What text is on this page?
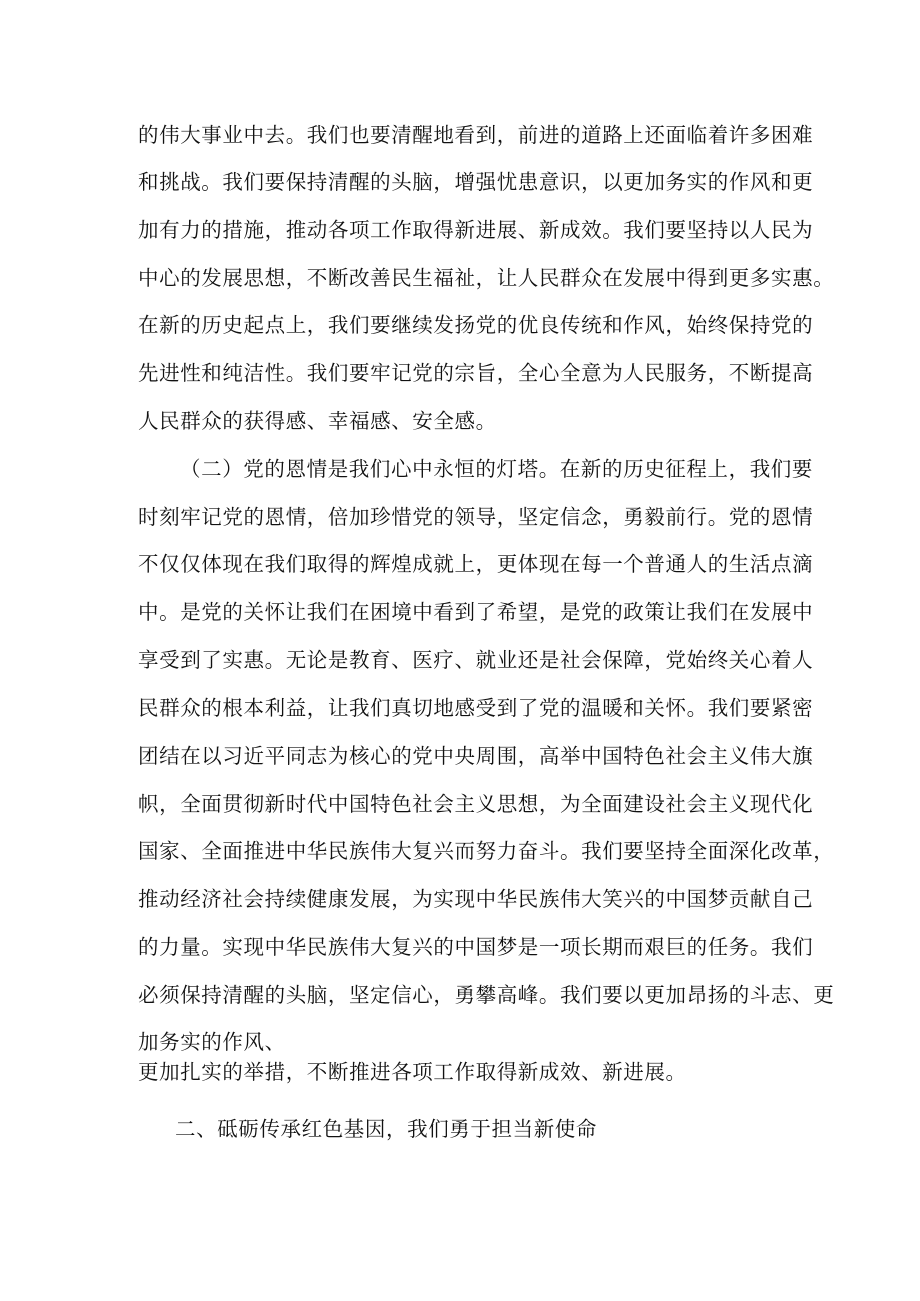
的伟大事业中去。我们也要清醒地看到，前进的道路上还面临着许多困难
和挑战。我们要保持清醒的头脑，增强忧患意识，以更加务实的作风和更
加有力的措施，推动各项工作取得新进展、新成效。我们要坚持以人民为
中心的发展思想，不断改善民生福祉，让人民群众在发展中得到更多实惠。
在新的历史起点上，我们要继续发扬党的优良传统和作风，始终保持党的
先进性和纯洁性。我们要牢记党的宗旨，全心全意为人民服务，不断提高
人民群众的获得感、幸福感、安全感。
（二）党的恩情是我们心中永恒的灯塔。在新的历史征程上，我们要
时刻牢记党的恩情，倍加珍惜党的领导，坚定信念，勇毅前行。党的恩情
不仅仅体现在我们取得的辉煌成就上，更体现在每一个普通人的生活点滴
中。是党的关怀让我们在困境中看到了希望，是党的政策让我们在发展中
享受到了实惠。无论是教育、医疗、就业还是社会保障，党始终关心着人
民群众的根本利益，让我们真切地感受到了党的温暖和关怀。我们要紧密
团结在以习近平同志为核心的党中央周围，高举中国特色社会主义伟大旗
帜，全面贯彻新时代中国特色社会主义思想，为全面建设社会主义现代化
国家、全面推进中华民族伟大复兴而努力奋斗。我们要坚持全面深化改革，
推动经济社会持续健康发展，为实现中华民族伟大笑兴的中国梦贡献自己
的力量。实现中华民族伟大复兴的中国梦是一项长期而艰巨的任务。我们
必须保持清醒的头脑，坚定信心，勇攀高峰。我们要以更加昂扬的斗志、更
加务实的作风、
更加扎实的举措，不断推进各项工作取得新成效、新进展。
二、砥砺传承红色基因，我们勇于担当新使命
